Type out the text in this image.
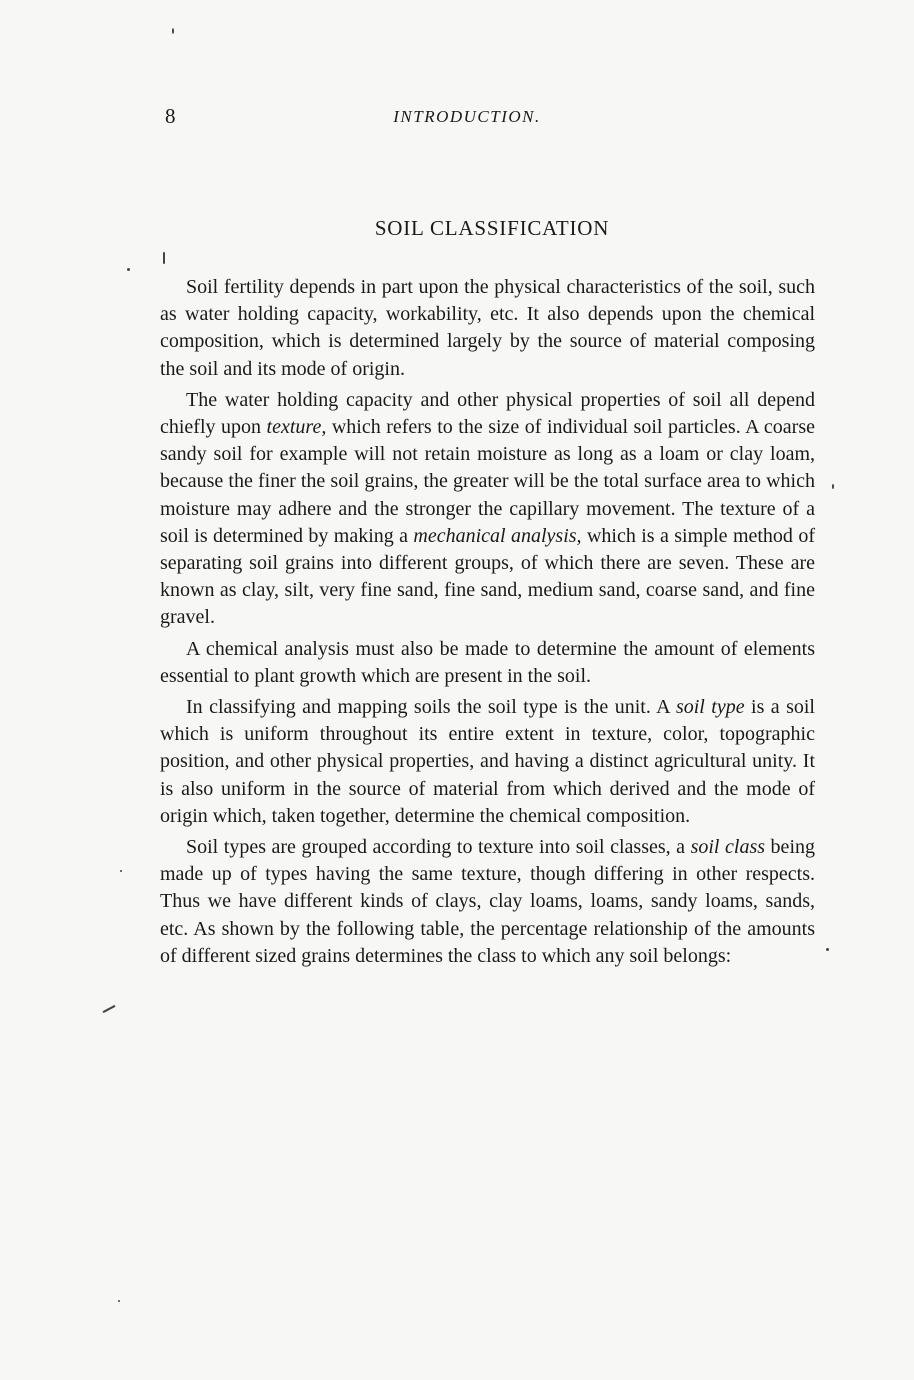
8	INTRODUCTION.
SOIL CLASSIFICATION

Soil fertility depends in part upon the physical characteristics of the soil, such as water holding capacity, workability, etc. It also depends upon the chemical composition, which is determined largely by the source of material composing the soil and its mode of origin.

The water holding capacity and other physical properties of soil all depend chiefly upon texture, which refers to the size of individual soil particles. A coarse sandy soil for example will not retain moisture as long as a loam or clay loam, because the finer the soil grains, the greater will be the total surface area to which moisture may adhere and the stronger the capillary movement. The texture of a soil is determined by making a mechanical analysis, which is a simple method of separating soil grains into different groups, of which there are seven. These are known as clay, silt, very fine sand, fine sand, medium sand, coarse sand, and fine gravel.

A chemical analysis must also be made to determine the amount of elements essential to plant growth which are present in the soil.

In classifying and mapping soils the soil type is the unit. A soil type is a soil which is uniform throughout its entire extent in texture, color, topographic position, and other physical properties, and having a distinct agricultural unity. It is also uniform in the source of material from which derived and the mode of origin which, taken together, determine the chemical composition.

Soil types are grouped according to texture into soil classes, a soil class being made up of types having the same texture, though differing in other respects. Thus we have different kinds of clays, clay loams, loams, sandy loams, sands, etc. As shown by the following table, the percentage relationship of the amounts of different sized grains determines the class to which any soil belongs:
